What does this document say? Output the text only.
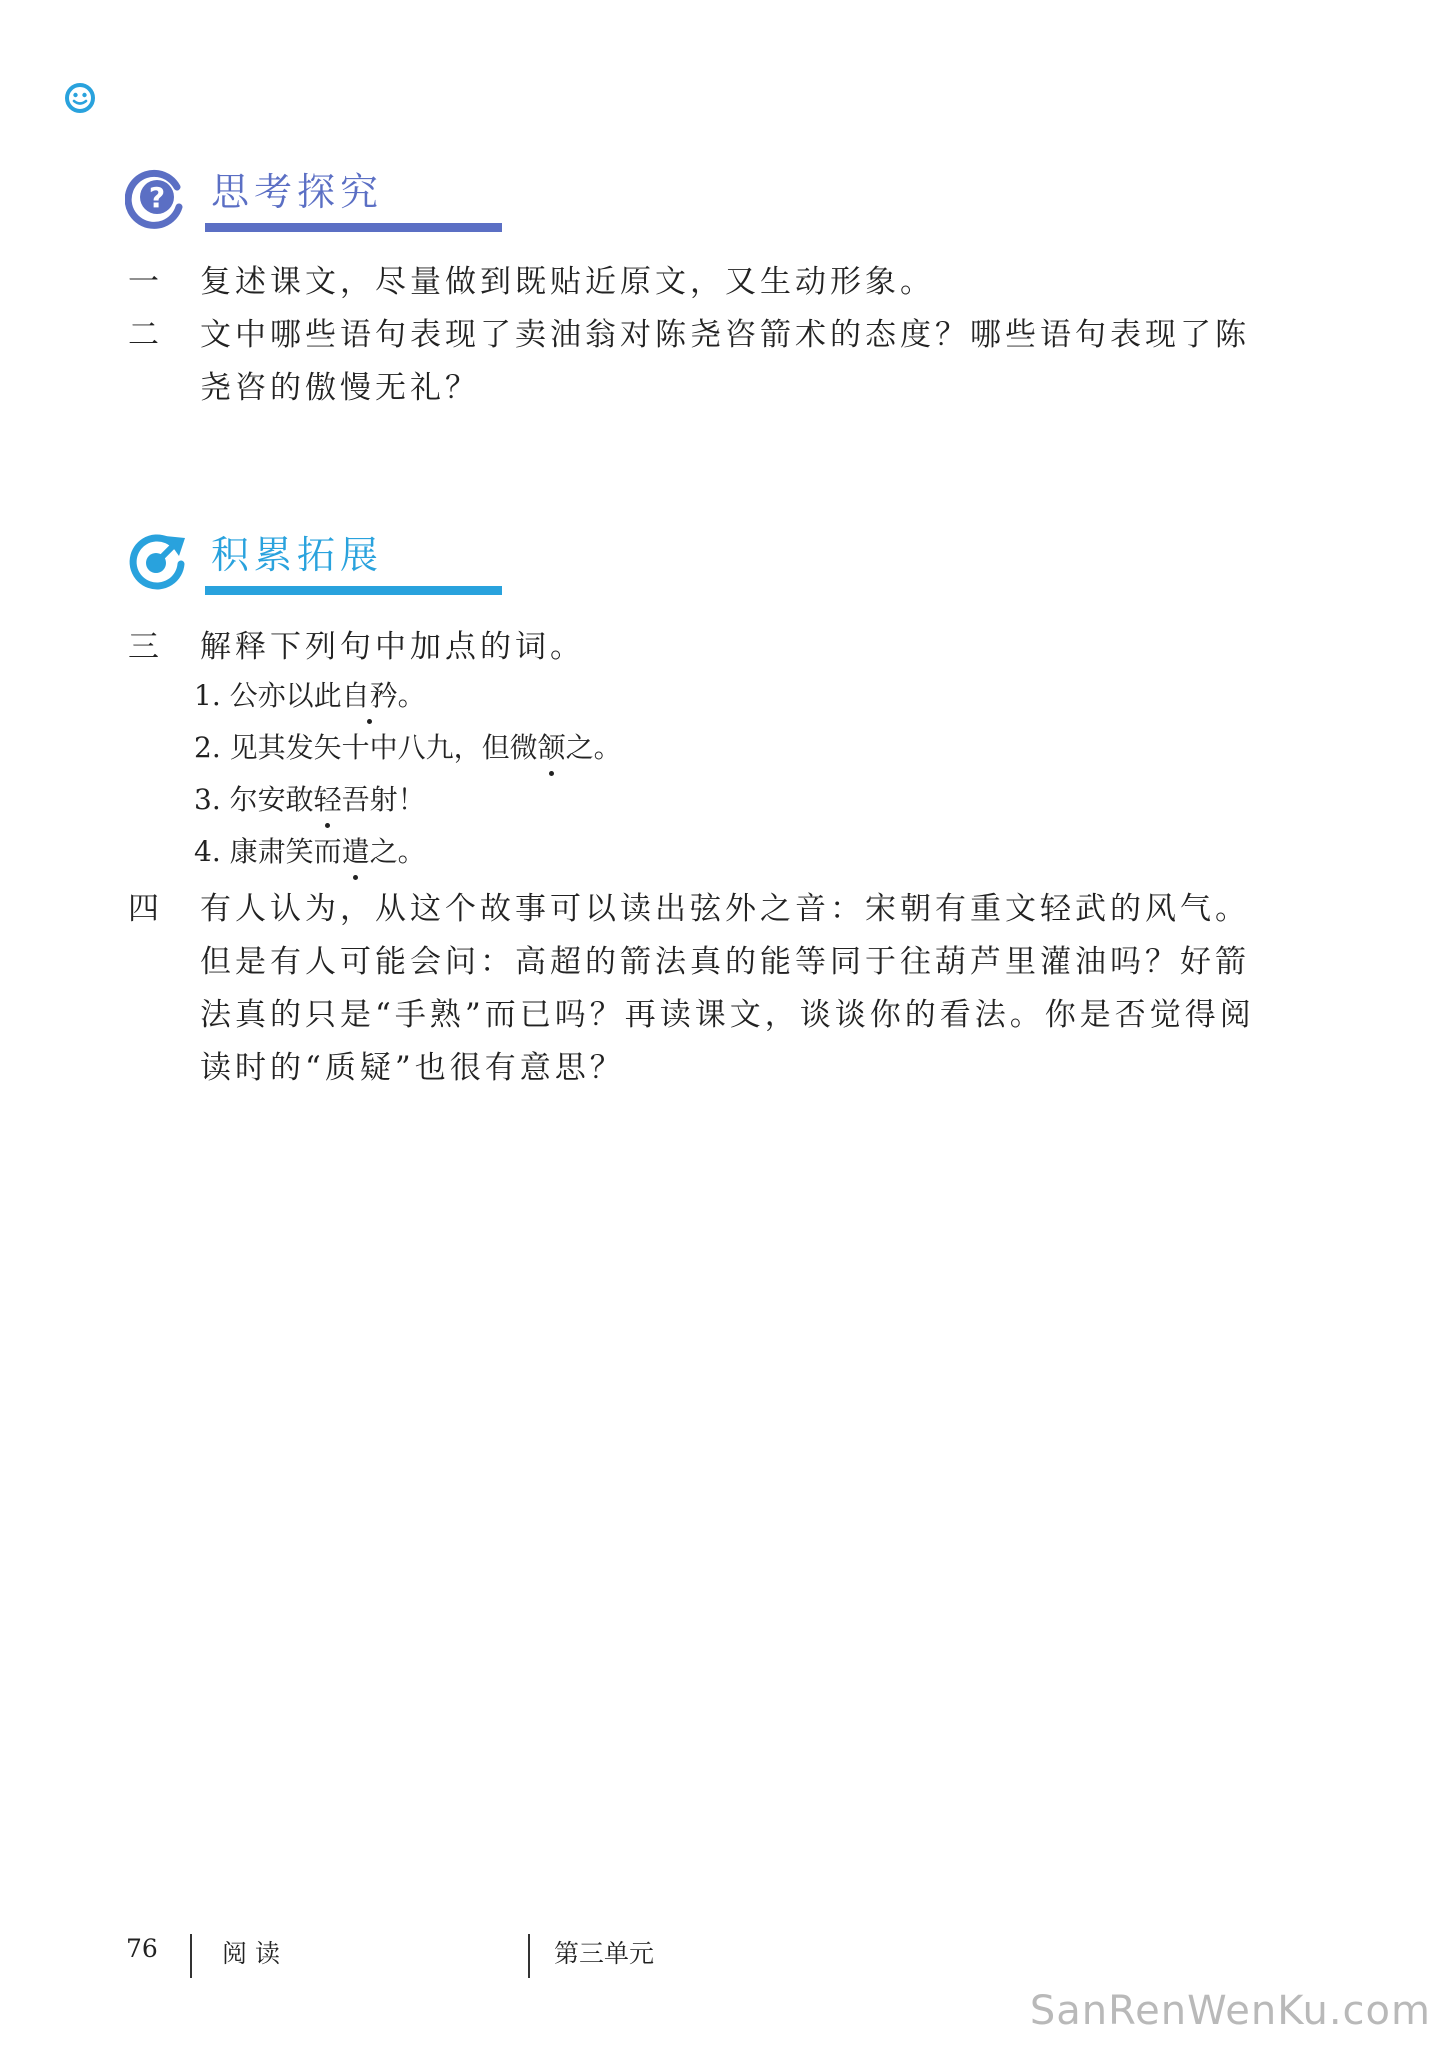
? 思考探究
一 复述课文，尽量做到既贴近原文，又生动形象。
二 文中哪些语句表现了卖油翁对陈尧咨箭术的态度？哪些语句表现了陈尧咨的傲慢无礼？
积累拓展
三 解释下列句中加点的词。
1. 公亦以此自矜。
2. 见其发矢十中八九，但微颔之。
3. 尔安敢轻吾射！
4. 康肃笑而遣之。
四 有人认为，从这个故事可以读出弦外之音：宋朝有重文轻武的风气。但是有人可能会问：高超的箭法真的能等同于往葫芦里灌油吗？好箭法真的只是“手熟”而已吗？再读课文，谈谈你的看法。你是否觉得阅读时的“质疑”也很有意思？
76	阅 读	第三单元
SanRenWenKu.com
